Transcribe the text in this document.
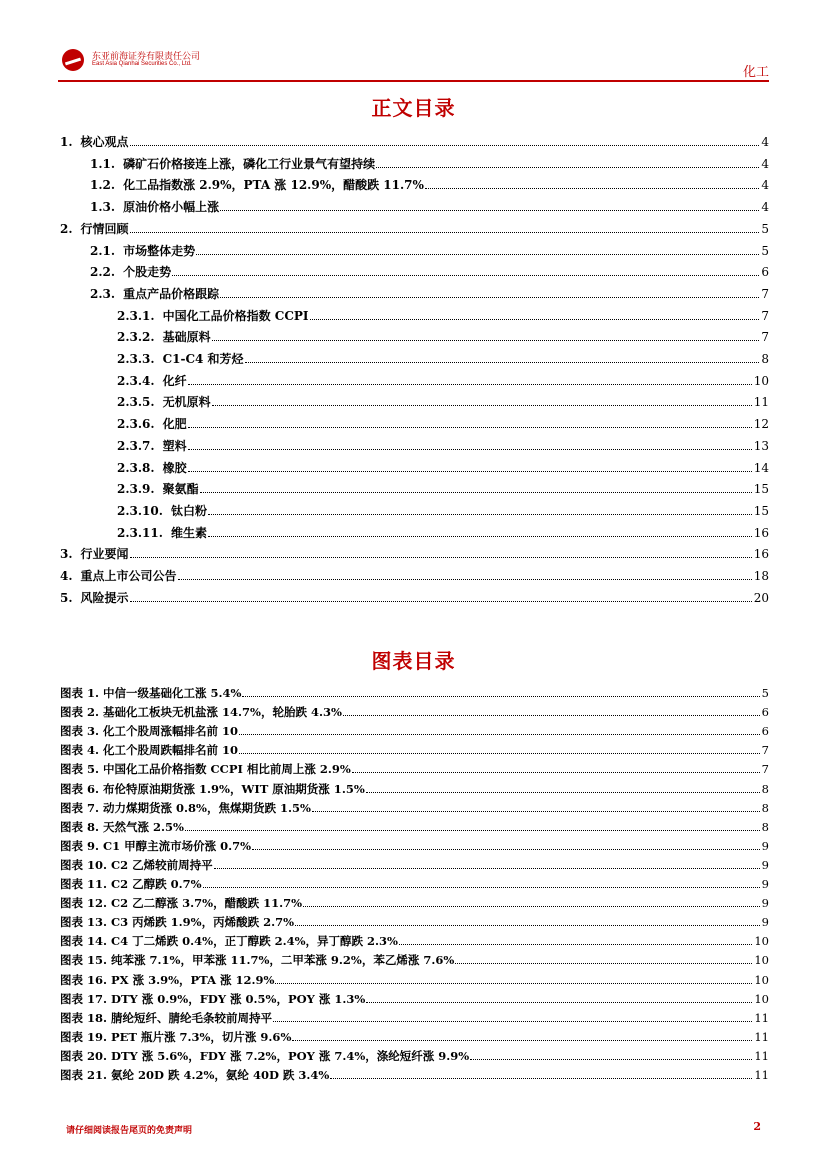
东亚前海证券有限责任公司
East Asia Qianhai Securities Co., Ltd.
化工
正文目录
1. 核心观点	4
1.1. 磷矿石价格接连上涨，磷化工行业景气有望持续	4
1.2. 化工品指数涨 2.9%，PTA 涨 12.9%，醋酸跌 11.7%	4
1.3. 原油价格小幅上涨	4
2. 行情回顾	5
2.1. 市场整体走势	5
2.2. 个股走势	6
2.3. 重点产品价格跟踪	7
2.3.1. 中国化工品价格指数 CCPI	7
2.3.2. 基础原料	7
2.3.3. C1-C4 和芳烃	8
2.3.4. 化纤	10
2.3.5. 无机原料	11
2.3.6. 化肥	12
2.3.7. 塑料	13
2.3.8. 橡胶	14
2.3.9. 聚氨酯	15
2.3.10. 钛白粉	15
2.3.11. 维生素	16
3. 行业要闻	16
4. 重点上市公司公告	18
5. 风险提示	20
图表目录
图表 1. 中信一级基础化工涨 5.4%	5
图表 2. 基础化工板块无机盐涨 14.7%，轮胎跌 4.3%	6
图表 3. 化工个股周涨幅排名前 10	6
图表 4. 化工个股周跌幅排名前 10	7
图表 5. 中国化工品价格指数 CCPI 相比前周上涨 2.9%	7
图表 6. 布伦特原油期货涨 1.9%，WIT 原油期货涨 1.5%	8
图表 7. 动力煤期货涨 0.8%，焦煤期货跌 1.5%	8
图表 8. 天然气涨 2.5%	8
图表 9. C1 甲醇主流市场价涨 0.7%	9
图表 10. C2 乙烯较前周持平	9
图表 11. C2 乙醇跌 0.7%	9
图表 12. C2 乙二醇涨 3.7%，醋酸跌 11.7%	9
图表 13. C3 丙烯跌 1.9%，丙烯酸跌 2.7%	9
图表 14. C4 丁二烯跌 0.4%，正丁醇跌 2.4%，异丁醇跌 2.3%	10
图表 15. 纯苯涨 7.1%，甲苯涨 11.7%，二甲苯涨 9.2%，苯乙烯涨 7.6%	10
图表 16. PX 涨 3.9%，PTA 涨 12.9%	10
图表 17. DTY 涨 0.9%，FDY 涨 0.5%，POY 涨 1.3%	10
图表 18. 腈纶短纤、腈纶毛条较前周持平	11
图表 19. PET 瓶片涨 7.3%，切片涨 9.6%	11
图表 20. DTY 涨 5.6%，FDY 涨 7.2%，POY 涨 7.4%，涤纶短纤涨 9.9%	11
图表 21. 氨纶 20D 跌 4.2%，氨纶 40D 跌 3.4%	11
请仔细阅读报告尾页的免责声明	2
